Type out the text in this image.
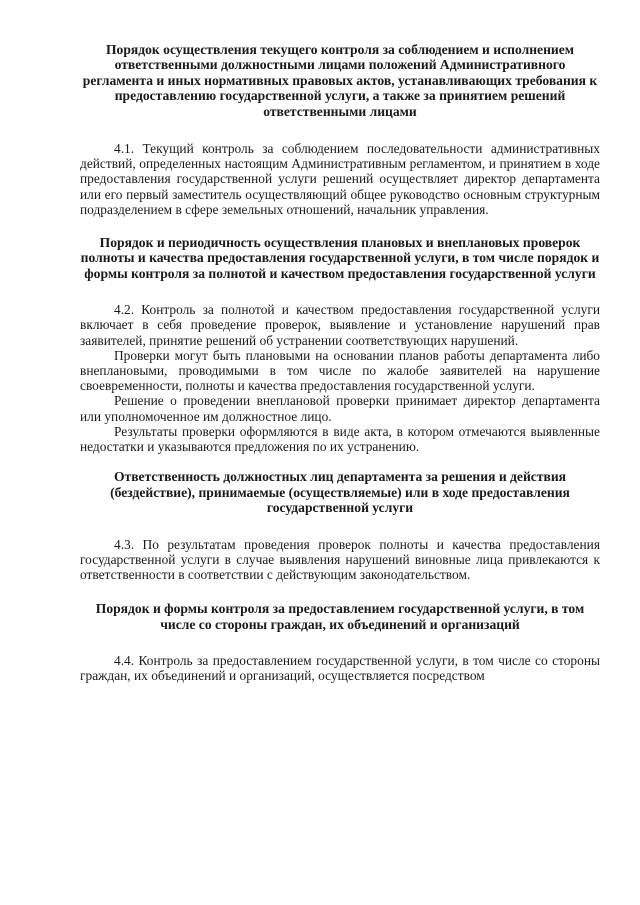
Порядок осуществления текущего контроля за соблюдением и исполнением ответственными должностными лицами положений Административного регламента и иных нормативных правовых актов, устанавливающих требования к предоставлению государственной услуги, а также за принятием решений ответственными лицами

4.1. Текущий контроль за соблюдением последовательности административных действий, определенных настоящим Административным регламентом, и принятием в ходе предоставления государственной услуги решений осуществляет директор департамента или его первый заместитель осуществляющий общее руководство основным структурным подразделением в сфере земельных отношений, начальник управления.

Порядок и периодичность осуществления плановых и внеплановых проверок полноты и качества предоставления государственной услуги, в том числе порядок и формы контроля за полнотой и качеством предоставления государственной услуги

4.2. Контроль за полнотой и качеством предоставления государственной услуги включает в себя проведение проверок, выявление и установление нарушений прав заявителей, принятие решений об устранении соответствующих нарушений.

Проверки могут быть плановыми на основании планов работы департамента либо внеплановыми, проводимыми в том числе по жалобе заявителей на нарушение своевременности, полноты и качества предоставления государственной услуги.

Решение о проведении внеплановой проверки принимает директор департамента или уполномоченное им должностное лицо.

Результаты проверки оформляются в виде акта, в котором отмечаются выявленные недостатки и указываются предложения по их устранению.

Ответственность должностных лиц департамента за решения и действия (бездействие), принимаемые (осуществляемые) или в ходе предоставления государственной услуги

4.3. По результатам проведения проверок полноты и качества предоставления государственной услуги в случае выявления нарушений виновные лица привлекаются к ответственности в соответствии с действующим законодательством.

Порядок и формы контроля за предоставлением государственной услуги, в том числе со стороны граждан, их объединений и организаций

4.4. Контроль за предоставлением государственной услуги, в том числе со стороны граждан, их объединений и организаций, осуществляется посредством
